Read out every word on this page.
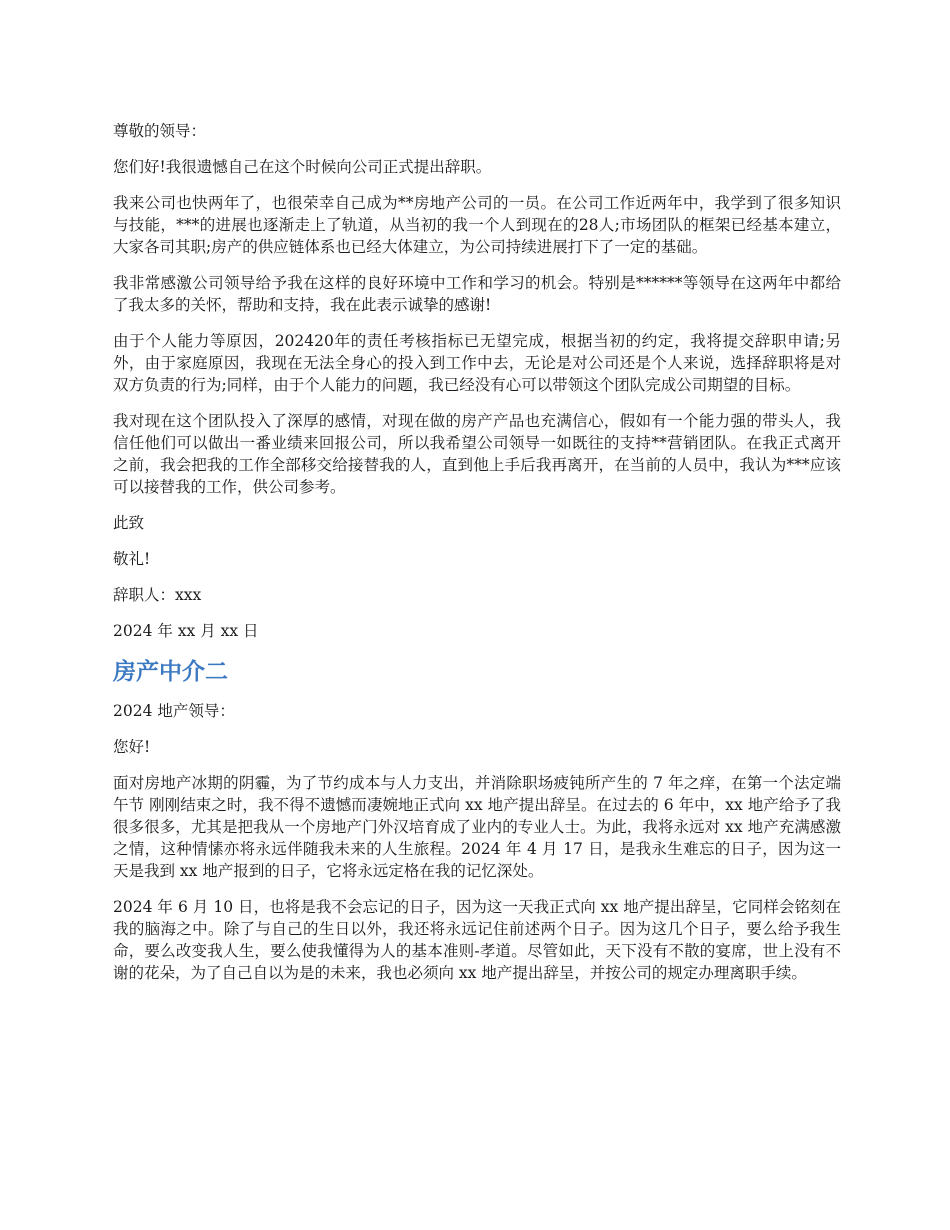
尊敬的领导：

您们好!我很遗憾自己在这个时候向公司正式提出辞职。

我来公司也快两年了，也很荣幸自己成为**房地产公司的一员。在公司工作近两年中，我学到了很多知识与技能，***的进展也逐渐走上了轨道，从当初的我一个人到现在的28人;市场团队的框架已经基本建立，大家各司其职;房产的供应链体系也已经大体建立，为公司持续进展打下了一定的基础。

我非常感激公司领导给予我在这样的良好环境中工作和学习的机会。特别是******等领导在这两年中都给了我太多的关怀，帮助和支持，我在此表示诚挚的感谢!

由于个人能力等原因，202420年的责任考核指标已无望完成，根据当初的约定，我将提交辞职申请;另外，由于家庭原因，我现在无法全身心的投入到工作中去，无论是对公司还是个人来说，选择辞职将是对双方负责的行为;同样，由于个人能力的问题，我已经没有心可以带领这个团队完成公司期望的目标。

我对现在这个团队投入了深厚的感情，对现在做的房产产品也充满信心，假如有一个能力强的带头人，我信任他们可以做出一番业绩来回报公司，所以我希望公司领导一如既往的支持**营销团队。在我正式离开之前，我会把我的工作全部移交给接替我的人，直到他上手后我再离开，在当前的人员中，我认为***应该可以接替我的工作，供公司参考。

此致

敬礼!

辞职人：xxx

2024 年 xx 月 xx 日

房产中介二

2024 地产领导：

您好!

面对房地产冰期的阴霾，为了节约成本与人力支出，并消除职场疲钝所产生的 7 年之痒，在第一个法定端午节 刚刚结束之时，我不得不遗憾而凄婉地正式向 xx 地产提出辞呈。在过去的 6 年中，xx 地产给予了我很多很多，尤其是把我从一个房地产门外汉培育成了业内的专业人士。为此，我将永远对 xx 地产充满感激之情，这种情愫亦将永远伴随我未来的人生旅程。2024 年 4 月 17 日，是我永生难忘的日子，因为这一天是我到 xx 地产报到的日子，它将永远定格在我的记忆深处。

2024 年 6 月 10 日，也将是我不会忘记的日子，因为这一天我正式向 xx 地产提出辞呈，它同样会铭刻在我的脑海之中。除了与自己的生日以外，我还将永远记住前述两个日子。因为这几个日子，要么给予我生命，要么改变我人生，要么使我懂得为人的基本准则-孝道。尽管如此，天下没有不散的宴席，世上没有不谢的花朵，为了自己自以为是的未来，我也必须向 xx 地产提出辞呈，并按公司的规定办理离职手续。
